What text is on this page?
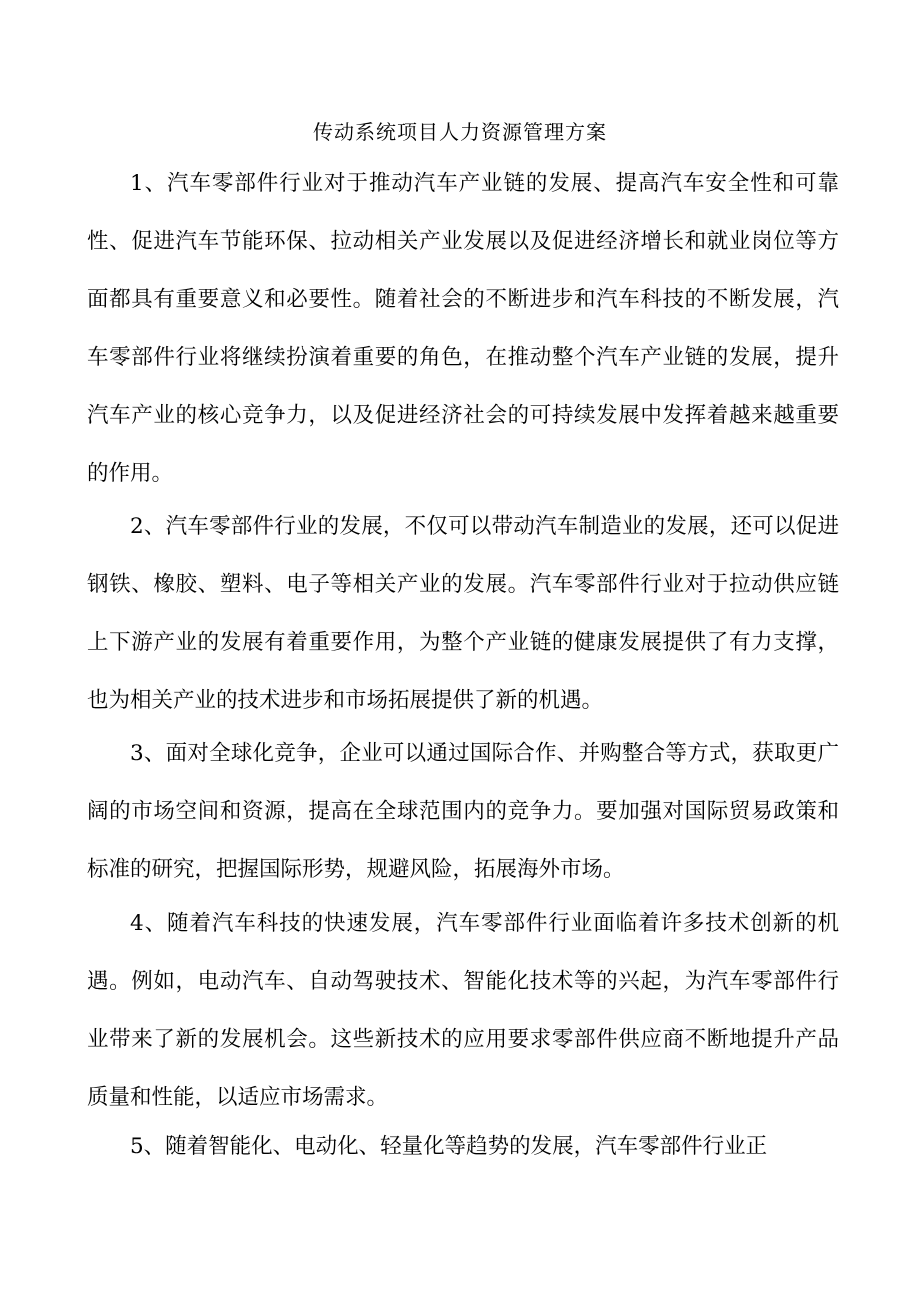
传动系统项目人力资源管理方案

1、汽车零部件行业对于推动汽车产业链的发展、提高汽车安全性和可靠性、促进汽车节能环保、拉动相关产业发展以及促进经济增长和就业岗位等方面都具有重要意义和必要性。随着社会的不断进步和汽车科技的不断发展，汽车零部件行业将继续扮演着重要的角色，在推动整个汽车产业链的发展，提升汽车产业的核心竞争力，以及促进经济社会的可持续发展中发挥着越来越重要的作用。

2、汽车零部件行业的发展，不仅可以带动汽车制造业的发展，还可以促进钢铁、橡胶、塑料、电子等相关产业的发展。汽车零部件行业对于拉动供应链上下游产业的发展有着重要作用，为整个产业链的健康发展提供了有力支撑，也为相关产业的技术进步和市场拓展提供了新的机遇。

3、面对全球化竞争，企业可以通过国际合作、并购整合等方式，获取更广阔的市场空间和资源，提高在全球范围内的竞争力。要加强对国际贸易政策和标准的研究，把握国际形势，规避风险，拓展海外市场。

4、随着汽车科技的快速发展，汽车零部件行业面临着许多技术创新的机遇。例如，电动汽车、自动驾驶技术、智能化技术等的兴起，为汽车零部件行业带来了新的发展机会。这些新技术的应用要求零部件供应商不断地提升产品质量和性能，以适应市场需求。

5、随着智能化、电动化、轻量化等趋势的发展，汽车零部件行业正
